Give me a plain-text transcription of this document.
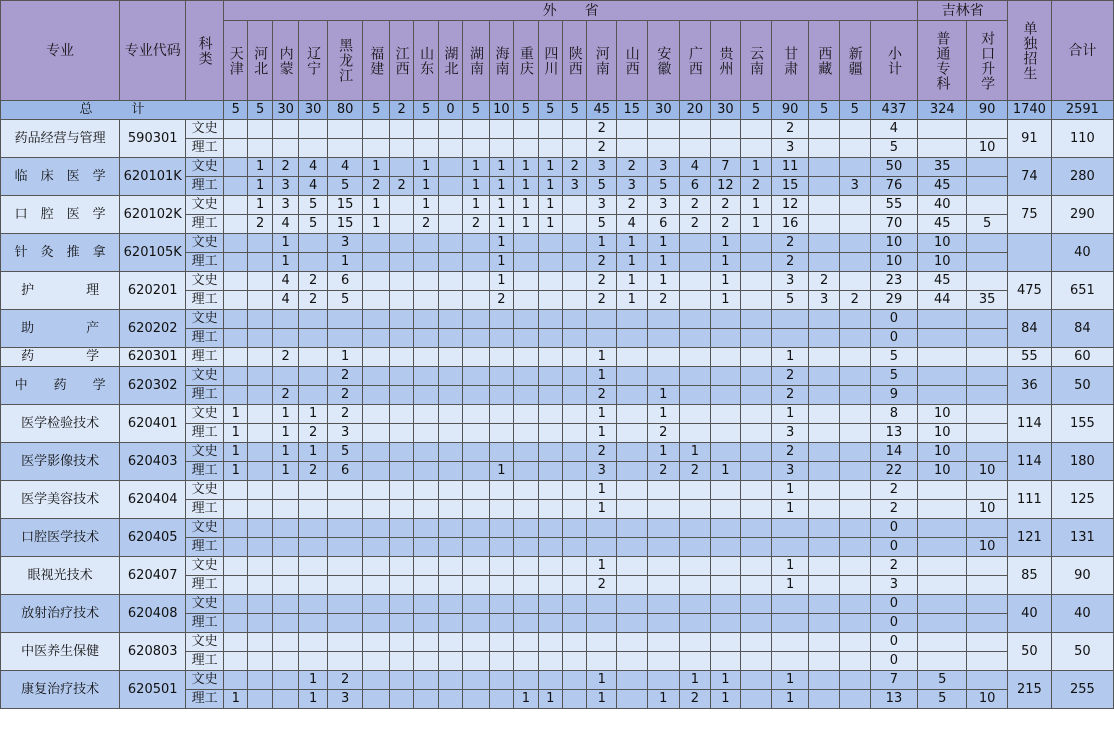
专业	专业代码	科类	外　　省																								吉林省		单独招生	合计
			天津	河北	内蒙	辽宁	黑龙江	福建	江西	山东	湖北	湖南	海南	重庆	四川	陕西	河南	山西	安徽	广西	贵州	云南	甘肃	西藏	新疆	小计	普通专科	对口升学		
总　　　计			5	5	30	30	80	5	2	5	0	5	10	5	5	5	45	15	30	20	30	5	90	5	5	437	324	90	1740	2591
药品经营与管理	590301	文史															2						2			4			91	110
		理工															2						3			5		10		
临　床　医　学	620101K	文史		1	2	4	4	1		1		1	1	1	1	2	3	2	3	4	7	1	11			50	35		74	280
		理工		1	3	4	5	2	2	1		1	1	1	1	3	5	3	5	6	12	2	15		3	76	45			
口　腔　医　学	620102K	文史		1	3	5	15	1		1		1	1	1	1		3	2	3	2	2	1	12			55	40		75	290
		理工		2	4	5	15	1		2		2	1	1	1		5	4	6	2	2	1	16			70	45	5		
针　灸　推　拿	620105K	文史			1		3						1				1	1	1		1		2			10	10			40
		理工			1		1						1				2	1	1		1		2			10	10			
护　　　　理	620201	文史			4	2	6						1				2	1	1		1		3	2		23	45		475	651
		理工			4	2	5						2				2	1	2		1		5	3	2	29	44	35		
助　　　　产	620202	文史																								0			84	84
		理工																								0				
药　　　　学	620301	理工			2		1										1						1			5			55	60
中　　药　　学	620302	文史					2										1						2			5			36	50
		理工			2		2										2		1				2			9				
医学检验技术	620401	文史	1		1	1	2										1		1				1			8	10		114	155
		理工	1		1	2	3										1		2				3			13	10			
医学影像技术	620403	文史	1		1	1	5										2		1	1			2			14	10		114	180
		理工	1		1	2	6						1				3		2	2	1		3			22	10	10		
医学美容技术	620404	文史															1						1			2			111	125
		理工															1						1			2		10		
口腔医学技术	620405	文史																								0			121	131
		理工																								0		10		
眼视光技术	620407	文史															1						1			2			85	90
		理工															2						1			3				
放射治疗技术	620408	文史																								0			40	40
		理工																								0				
中医养生保健	620803	文史																								0			50	50
		理工																								0				
康复治疗技术	620501	文史				1	2										1			1	1		1			7	5		215	255
		理工	1			1	3							1	1		1		1	2	1		1			13	5	10		
